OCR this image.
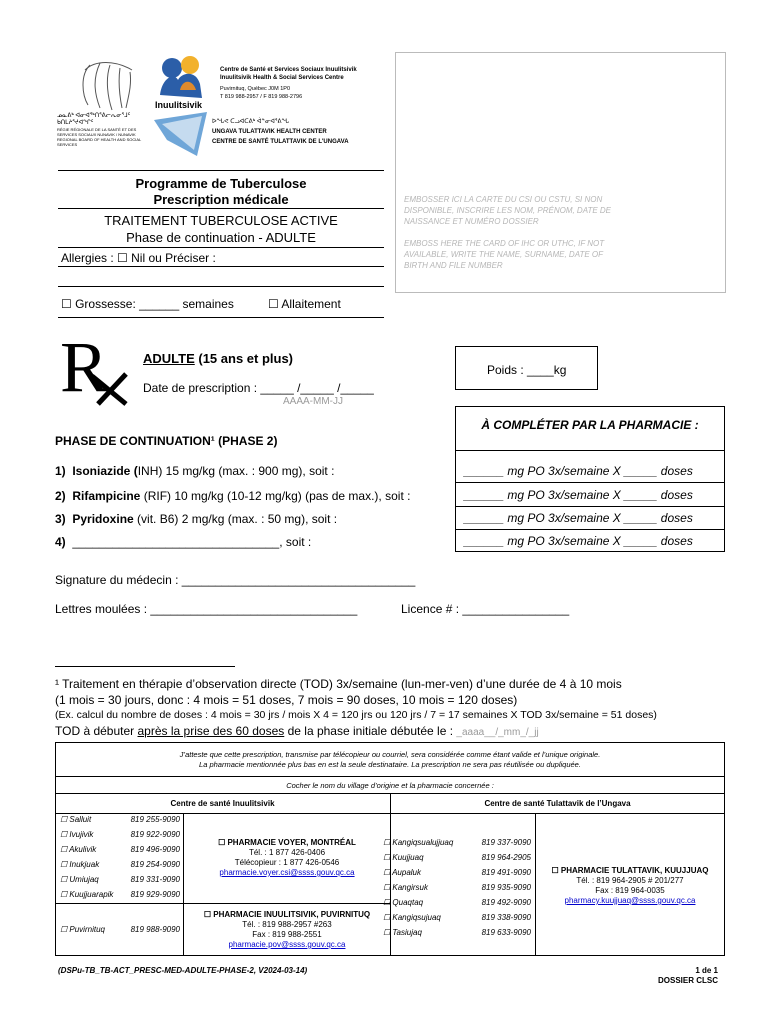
ᓄᓇᕕᒃ ᐊᓂᐊᖅᑎᕐᕕᓕᕆᓂᕐᒧᑦ ᑲᑎᒪᔨᕐᔪᐊᖏᑦ
RÉGIE RÉGIONALE DE LA SANTÉ ET DES SERVICES SOCIAUX NUNAVIK / NUNAVIK REGIONAL BOARD OF HEALTH AND SOCIAL SERVICES
Inuulitsivik
Centre de Santé et Services Sociaux Inuulitsivik
Inuulitsivik Health & Social Services Centre
Puvirnituq, Québec J0M 1P0
T 819 988-2957 / F 819 988-2796
ᐅᖓᕙ ᑕᓗᐊᑕᕕᒃ ᐋᓐᓂᐊᕐᕕᖓ
UNGAVA TULATTAVIK HEALTH CENTER
CENTRE DE SANTÉ TULATTAVIK DE L'UNGAVA
EMBOSSER ICI LA CARTE DU CSI OU CSTU, SI NON DISPONIBLE, INSCRIRE LES NOM, PRÉNOM, DATE DE NAISSANCE ET NUMÉRO DOSSIER
EMBOSS HERE THE CARD OF IHC OR UTHC, IF NOT AVAILABLE, WRITE THE NAME, SURNAME, DATE OF BIRTH AND FILE NUMBER
Programme de Tuberculose
Prescription médicale
TRAITEMENT TUBERCULOSE ACTIVE
Phase de continuation - ADULTE
Allergies : ☐ Nil ou Préciser :
☐ Grossesse: ______ semaines	☐ Allaitement
R	ADULTE (15 ans et plus)
Date de prescription : _____ /_____ /_____
AAAA-MM-JJ
Poids : ____kg
À COMPLÉTER PAR LA PHARMACIE :
PHASE DE CONTINUATION¹ (PHASE 2)
1) Isoniazide (INH) 15 mg/kg (max. : 900 mg), soit :
2) Rifampicine (RIF) 10 mg/kg (10-12 mg/kg) (pas de max.), soit :
3) Pyridoxine (vit. B6) 2 mg/kg (max. : 50 mg), soit :
4) _______________________________, soit :
______ mg PO 3x/semaine X _____ doses
______ mg PO 3x/semaine X _____ doses
______ mg PO 3x/semaine X _____ doses
______ mg PO 3x/semaine X _____ doses
Signature du médecin : ___________________________________
Lettres moulées : _______________________________	Licence # : ________________
¹ Traitement en thérapie d’observation directe (TOD) 3x/semaine (lun-mer-ven) d’une durée de 4 à 10 mois
(1 mois = 30 jours, donc : 4 mois = 51 doses, 7 mois = 90 doses, 10 mois = 120 doses)
(Ex. calcul du nombre de doses : 4 mois = 30 jrs / mois X 4 = 120 jrs ou 120 jrs / 7 = 17 semaines X TOD 3x/semaine = 51 doses)
TOD à débuter après la prise des 60 doses de la phase initiale débutée le : _aaaa__/_mm_/_jj
J’atteste que cette prescription, transmise par télécopieur ou courriel, sera considérée comme étant valide et l’unique originale.
La pharmacie mentionnée plus bas en est la seule destinataire. La prescription ne sera pas réutilisée ou dupliquée.
Cocher le nom du village d’origine et la pharmacie concernée :
Centre de santé Inuulitsivik	Centre de santé Tulattavik de l’Ungava
☐ Salluit	819 255-9090
☐ Ivujivik	819 922-9090
☐ Akulivik	819 496-9090
☐ Inukjuak	819 254-9090
☐ Umiujaq	819 331-9090
☐ Kuujjuarapik 819 929-9090
☐ Puvirnituq	819 988-9090
☐ PHARMACIE VOYER, MONTRÉAL
Tél. : 1 877 426-0406
Télécopieur : 1 877 426-0546
pharmacie.voyer.csi@ssss.gouv.qc.ca
☐ PHARMACIE INUULITSIVIK, PUVIRNITUQ
Tél. : 819 988-2957 #263
Fax : 819 988-2551
pharmacie.pov@ssss.gouv.qc.ca
☐ Kangiqsualujjuaq	819 337-9090
☐ Kuujjuaq	819 964-2905
☐ Aupaluk	819 491-9090
☐ Kangirsuk	819 935-9090
☐ Quaqtaq	819 492-9090
☐ Kangiqsujuaq	819 338-9090
☐ Tasiujaq	819 633-9090
☐ PHARMACIE TULATTAVIK, KUUJJUAQ
Tél. : 819 964-2905 # 201/277
Fax : 819 964-0035
pharmacy.kuujjuaq@ssss.gouv.qc.ca
(DSPu-TB_TB-ACT_PRESC-MED-ADULTE-PHASE-2, V2024-03-14)	1 de 1
DOSSIER CLSC
